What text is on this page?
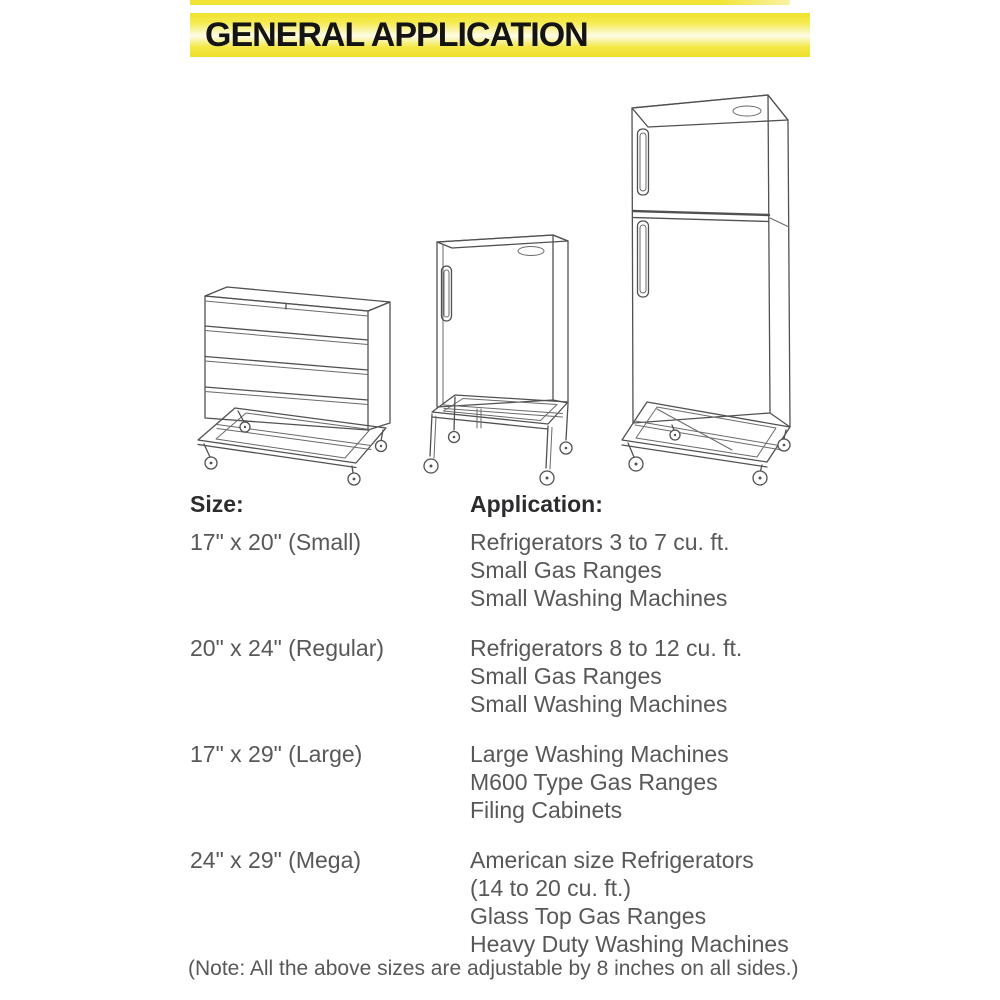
GENERAL APPLICATION
Size:	Application:
17" x 20" (Small)	Refrigerators 3 to 7 cu. ft.
Small Gas Ranges
Small Washing Machines
20" x 24" (Regular)	Refrigerators 8 to 12 cu. ft.
Small Gas Ranges
Small Washing Machines
17" x 29" (Large)	Large Washing Machines
M600 Type Gas Ranges
Filing Cabinets
24" x 29" (Mega)	American size Refrigerators
(14 to 20 cu. ft.)
Glass Top Gas Ranges
Heavy Duty Washing Machines
(Note: All the above sizes are adjustable by 8 inches on all sides.)
